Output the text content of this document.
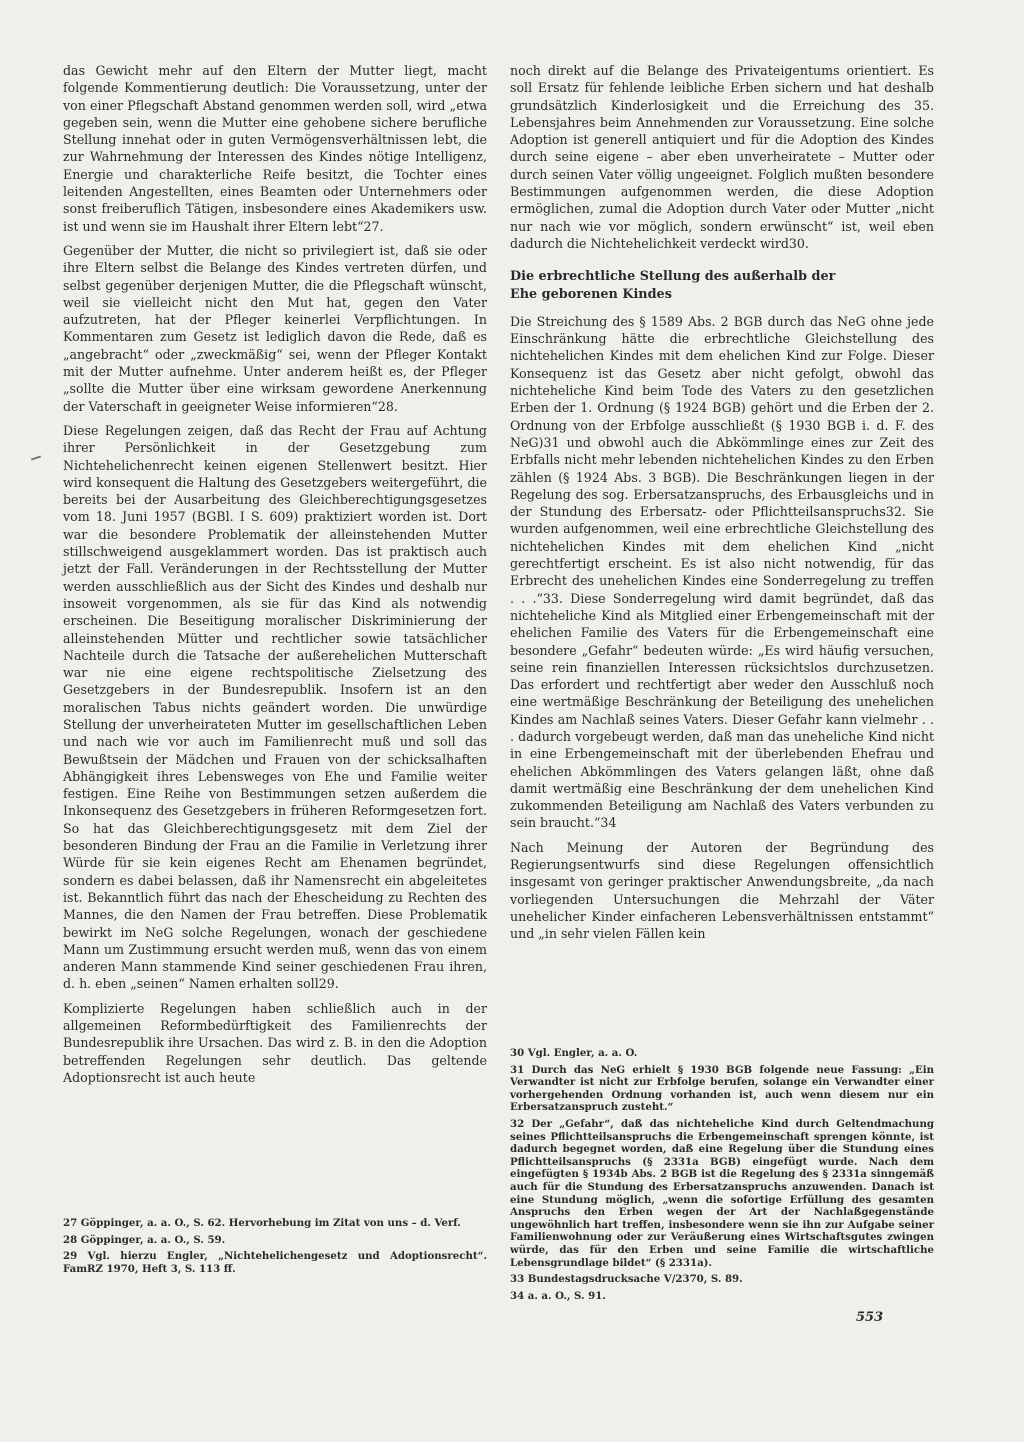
das Gewicht mehr auf den Eltern der Mutter liegt, macht folgende Kommentierung deutlich: Die Voraussetzung, unter der von einer Pflegschaft Abstand genommen werden soll, wird „etwa gegeben sein, wenn die Mutter eine gehobene sichere berufliche Stellung innehat oder in guten Vermögensverhältnissen lebt, die zur Wahrnehmung der Interessen des Kindes nötige Intelligenz, Energie und charakterliche Reife besitzt, die Tochter eines leitenden Angestellten, eines Beamten oder Unternehmers oder sonst freiberuflich Tätigen, insbesondere eines Akademikers usw. ist und wenn sie im Haushalt ihrer Eltern lebt“27.

Gegenüber der Mutter, die nicht so privilegiert ist, daß sie oder ihre Eltern selbst die Belange des Kindes vertreten dürfen, und selbst gegenüber derjenigen Mutter, die die Pflegschaft wünscht, weil sie vielleicht nicht den Mut hat, gegen den Vater aufzutreten, hat der Pfleger keinerlei Verpflichtungen. In Kommentaren zum Gesetz ist lediglich davon die Rede, daß es „angebracht“ oder „zweckmäßig“ sei, wenn der Pfleger Kontakt mit der Mutter aufnehme. Unter anderem heißt es, der Pfleger „sollte die Mutter über eine wirksam gewordene Anerkennung der Vaterschaft in geeigneter Weise informieren“28.

Diese Regelungen zeigen, daß das Recht der Frau auf Achtung ihrer Persönlichkeit in der Gesetzgebung zum Nichtehelichenrecht keinen eigenen Stellenwert besitzt. Hier wird konsequent die Haltung des Gesetzgebers weitergeführt, die bereits bei der Ausarbeitung des Gleichberechtigungsgesetzes vom 18. Juni 1957 (BGBl. I S. 609) praktiziert worden ist. Dort war die besondere Problematik der alleinstehenden Mutter stillschweigend ausgeklammert worden. Das ist praktisch auch jetzt der Fall. Veränderungen in der Rechtsstellung der Mutter werden ausschließlich aus der Sicht des Kindes und deshalb nur insoweit vorgenommen, als sie für das Kind als notwendig erscheinen. Die Beseitigung moralischer Diskriminierung der alleinstehenden Mütter und rechtlicher sowie tatsächlicher Nachteile durch die Tatsache der außerehelichen Mutterschaft war nie eine eigene rechtspolitische Zielsetzung des Gesetzgebers in der Bundesrepublik. Insofern ist an den moralischen Tabus nichts geändert worden. Die unwürdige Stellung der unverheirateten Mutter im gesellschaftlichen Leben und nach wie vor auch im Familienrecht muß und soll das Bewußtsein der Mädchen und Frauen von der schicksalhaften Abhängigkeit ihres Lebensweges von Ehe und Familie weiter festigen. Eine Reihe von Bestimmungen setzen außerdem die Inkonsequenz des Gesetzgebers in früheren Reformgesetzen fort. So hat das Gleichberechtigungsgesetz mit dem Ziel der besonderen Bindung der Frau an die Familie in Verletzung ihrer Würde für sie kein eigenes Recht am Ehenamen begründet, sondern es dabei belassen, daß ihr Namensrecht ein abgeleitetes ist. Bekanntlich führt das nach der Ehescheidung zu Rechten des Mannes, die den Namen der Frau betreffen. Diese Problematik bewirkt im NeG solche Regelungen, wonach der geschiedene Mann um Zustimmung ersucht werden muß, wenn das von einem anderen Mann stammende Kind seiner geschiedenen Frau ihren, d. h. eben „seinen“ Namen erhalten soll29.

Komplizierte Regelungen haben schließlich auch in der allgemeinen Reformbedürftigkeit des Familienrechts der Bundesrepublik ihre Ursachen. Das wird z. B. in den die Adoption betreffenden Regelungen sehr deutlich. Das geltende Adoptionsrecht ist auch heute

27 Göppinger, a. a. O., S. 62. Hervorhebung im Zitat von uns – d. Verf.
28 Göppinger, a. a. O., S. 59.
29 Vgl. hierzu Engler, „Nichtehelichengesetz und Adoptionsrecht“. FamRZ 1970, Heft 3, S. 113 ff.

noch direkt auf die Belange des Privateigentums orientiert. Es soll Ersatz für fehlende leibliche Erben sichern und hat deshalb grundsätzlich Kinderlosigkeit und die Erreichung des 35. Lebensjahres beim Annehmenden zur Voraussetzung. Eine solche Adoption ist generell antiquiert und für die Adoption des Kindes durch seine eigene – aber eben unverheiratete – Mutter oder durch seinen Vater völlig ungeeignet. Folglich mußten besondere Bestimmungen aufgenommen werden, die diese Adoption ermöglichen, zumal die Adoption durch Vater oder Mutter „nicht nur nach wie vor möglich, sondern erwünscht“ ist, weil eben dadurch die Nichtehelichkeit verdeckt wird30.

Die erbrechtliche Stellung des außerhalb der
Ehe geborenen Kindes

Die Streichung des § 1589 Abs. 2 BGB durch das NeG ohne jede Einschränkung hätte die erbrechtliche Gleichstellung des nichtehelichen Kindes mit dem ehelichen Kind zur Folge. Dieser Konsequenz ist das Gesetz aber nicht gefolgt, obwohl das nichteheliche Kind beim Tode des Vaters zu den gesetzlichen Erben der 1. Ordnung (§ 1924 BGB) gehört und die Erben der 2. Ordnung von der Erbfolge ausschließt (§ 1930 BGB i. d. F. des NeG)31 und obwohl auch die Abkömmlinge eines zur Zeit des Erbfalls nicht mehr lebenden nichtehelichen Kindes zu den Erben zählen (§ 1924 Abs. 3 BGB). Die Beschränkungen liegen in der Regelung des sog. Erbersatzanspruchs, des Erbausgleichs und in der Stundung des Erbersatz- oder Pflichtteilsanspruchs32. Sie wurden aufgenommen, weil eine erbrechtliche Gleichstellung des nichtehelichen Kindes mit dem ehelichen Kind „nicht gerechtfertigt erscheint. Es ist also nicht notwendig, für das Erbrecht des unehelichen Kindes eine Sonderregelung zu treffen . . .“33. Diese Sonderregelung wird damit begründet, daß das nichteheliche Kind als Mitglied einer Erbengemeinschaft mit der ehelichen Familie des Vaters für die Erbengemeinschaft eine besondere „Gefahr“ bedeuten würde: „Es wird häufig versuchen, seine rein finanziellen Interessen rücksichtslos durchzusetzen. Das erfordert und rechtfertigt aber weder den Ausschluß noch eine wertmäßige Beschränkung der Beteiligung des unehelichen Kindes am Nachlaß seines Vaters. Dieser Gefahr kann vielmehr . . . dadurch vorgebeugt werden, daß man das uneheliche Kind nicht in eine Erbengemeinschaft mit der überlebenden Ehefrau und ehelichen Abkömmlingen des Vaters gelangen läßt, ohne daß damit wertmäßig eine Beschränkung der dem unehelichen Kind zukommenden Beteiligung am Nachlaß des Vaters verbunden zu sein braucht.“34

Nach Meinung der Autoren der Begründung des Regierungsentwurfs sind diese Regelungen offensichtlich insgesamt von geringer praktischer Anwendungsbreite, „da nach vorliegenden Untersuchungen die Mehrzahl der Väter unehelicher Kinder einfacheren Lebensverhältnissen entstammt“ und „in sehr vielen Fällen kein

30 Vgl. Engler, a. a. O.
31 Durch das NeG erhielt § 1930 BGB folgende neue Fassung: „Ein Verwandter ist nicht zur Erbfolge berufen, solange ein Verwandter einer vorhergehenden Ordnung vorhanden ist, auch wenn diesem nur ein Erbersatzanspruch zusteht.“
32 Der „Gefahr“, daß das nichteheliche Kind durch Geltendmachung seines Pflichtteilsanspruchs die Erbengemeinschaft sprengen könnte, ist dadurch begegnet worden, daß eine Regelung über die Stundung eines Pflichtteilsanspruchs (§ 2331a BGB) eingefügt wurde. Nach dem eingefügten § 1934b Abs. 2 BGB ist die Regelung des § 2331a sinngemäß auch für die Stundung des Erbersatzanspruchs anzuwenden. Danach ist eine Stundung möglich, „wenn die sofortige Erfüllung des gesamten Anspruchs den Erben wegen der Art der Nachlaßgegenstände ungewöhnlich hart treffen, insbesondere wenn sie ihn zur Aufgabe seiner Familienwohnung oder zur Veräußerung eines Wirtschaftsgutes zwingen würde, das für den Erben und seine Familie die wirtschaftliche Lebensgrundlage bildet“ (§ 2331a).
33 Bundestagsdrucksache V/2370, S. 89.
34 a. a. O., S. 91.
553
